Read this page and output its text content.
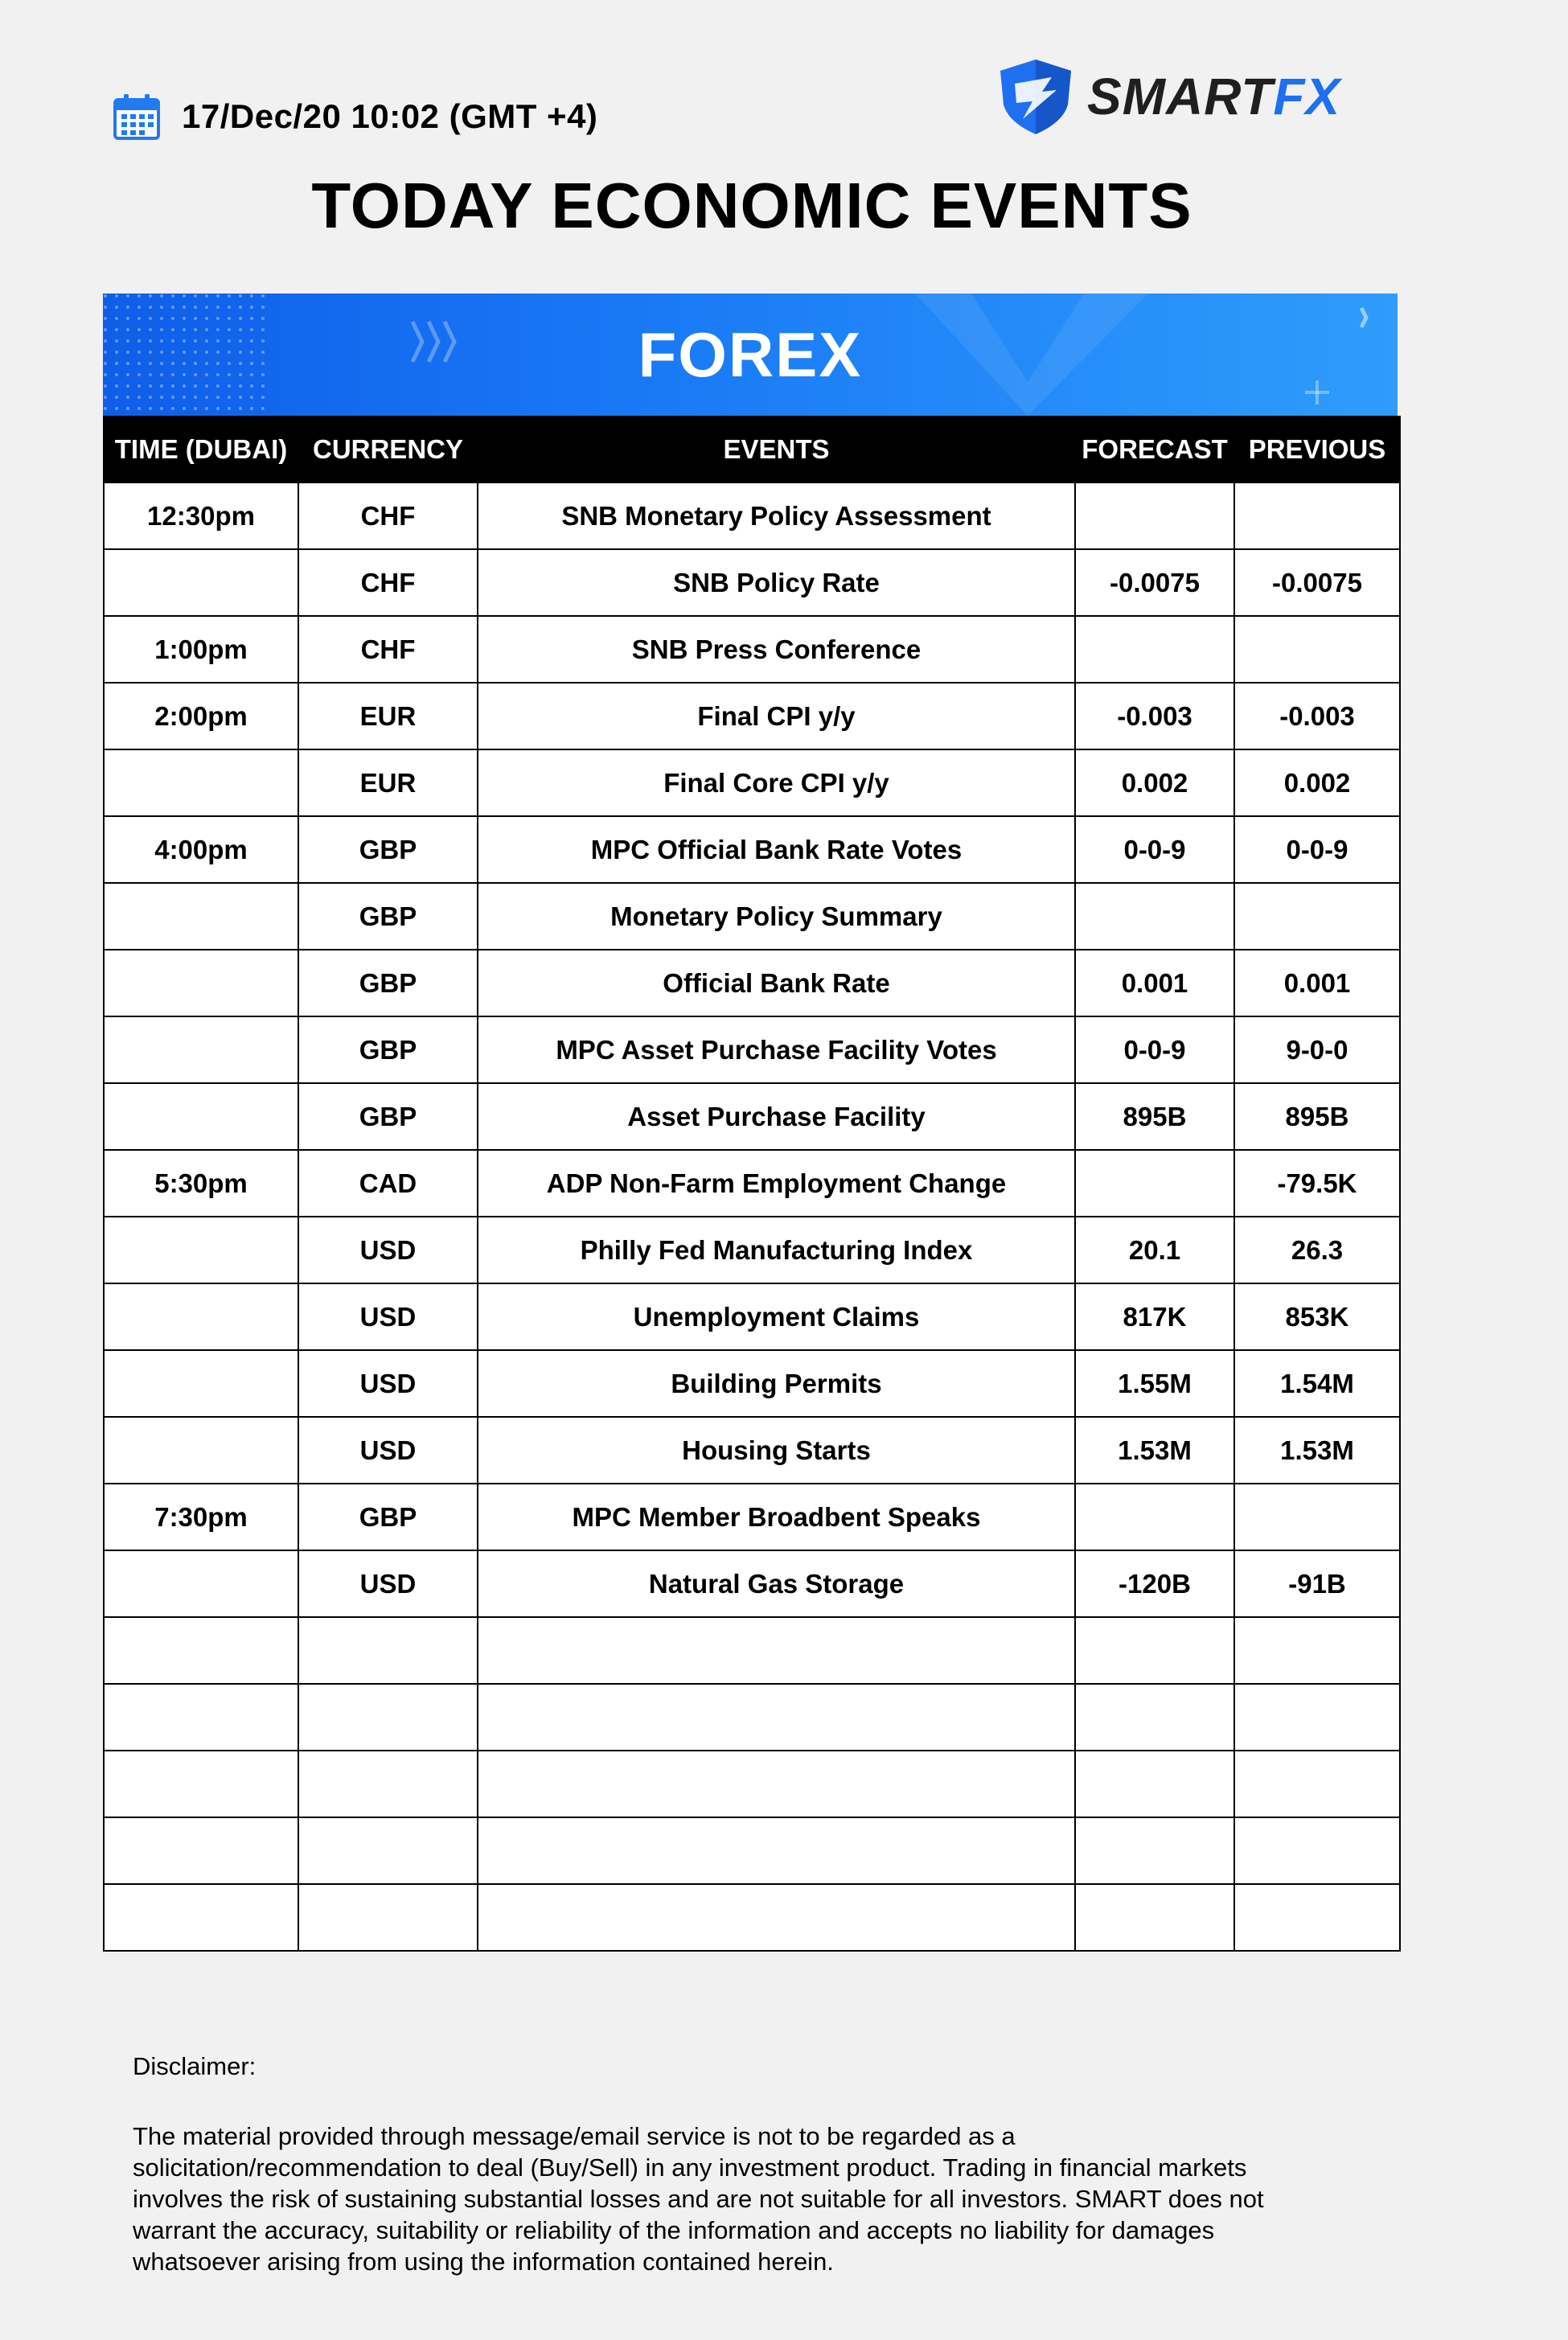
17/Dec/20 10:02 (GMT +4)	SMARTFX
TODAY ECONOMIC EVENTS
FOREX
TIME (DUBAI)	CURRENCY	EVENTS	FORECAST	PREVIOUS
12:30pm	CHF	SNB Monetary Policy Assessment		
	CHF	SNB Policy Rate	-0.0075	-0.0075
1:00pm	CHF	SNB Press Conference		
2:00pm	EUR	Final CPI y/y	-0.003	-0.003
	EUR	Final Core CPI y/y	0.002	0.002
4:00pm	GBP	MPC Official Bank Rate Votes	0-0-9	0-0-9
	GBP	Monetary Policy Summary		
	GBP	Official Bank Rate	0.001	0.001
	GBP	MPC Asset Purchase Facility Votes	0-0-9	9-0-0
	GBP	Asset Purchase Facility	895B	895B
5:30pm	CAD	ADP Non-Farm Employment Change		-79.5K
	USD	Philly Fed Manufacturing Index	20.1	26.3
	USD	Unemployment Claims	817K	853K
	USD	Building Permits	1.55M	1.54M
	USD	Housing Starts	1.53M	1.53M
7:30pm	GBP	MPC Member Broadbent Speaks		
	USD	Natural Gas Storage	-120B	-91B

Disclaimer:

The material provided through message/email service is not to be regarded as a
solicitation/recommendation to deal (Buy/Sell) in any investment product. Trading in financial markets
involves the risk of sustaining substantial losses and are not suitable for all investors. SMART does not
warrant the accuracy, suitability or reliability of the information and accepts no liability for damages
whatsoever arising from using the information contained herein.
